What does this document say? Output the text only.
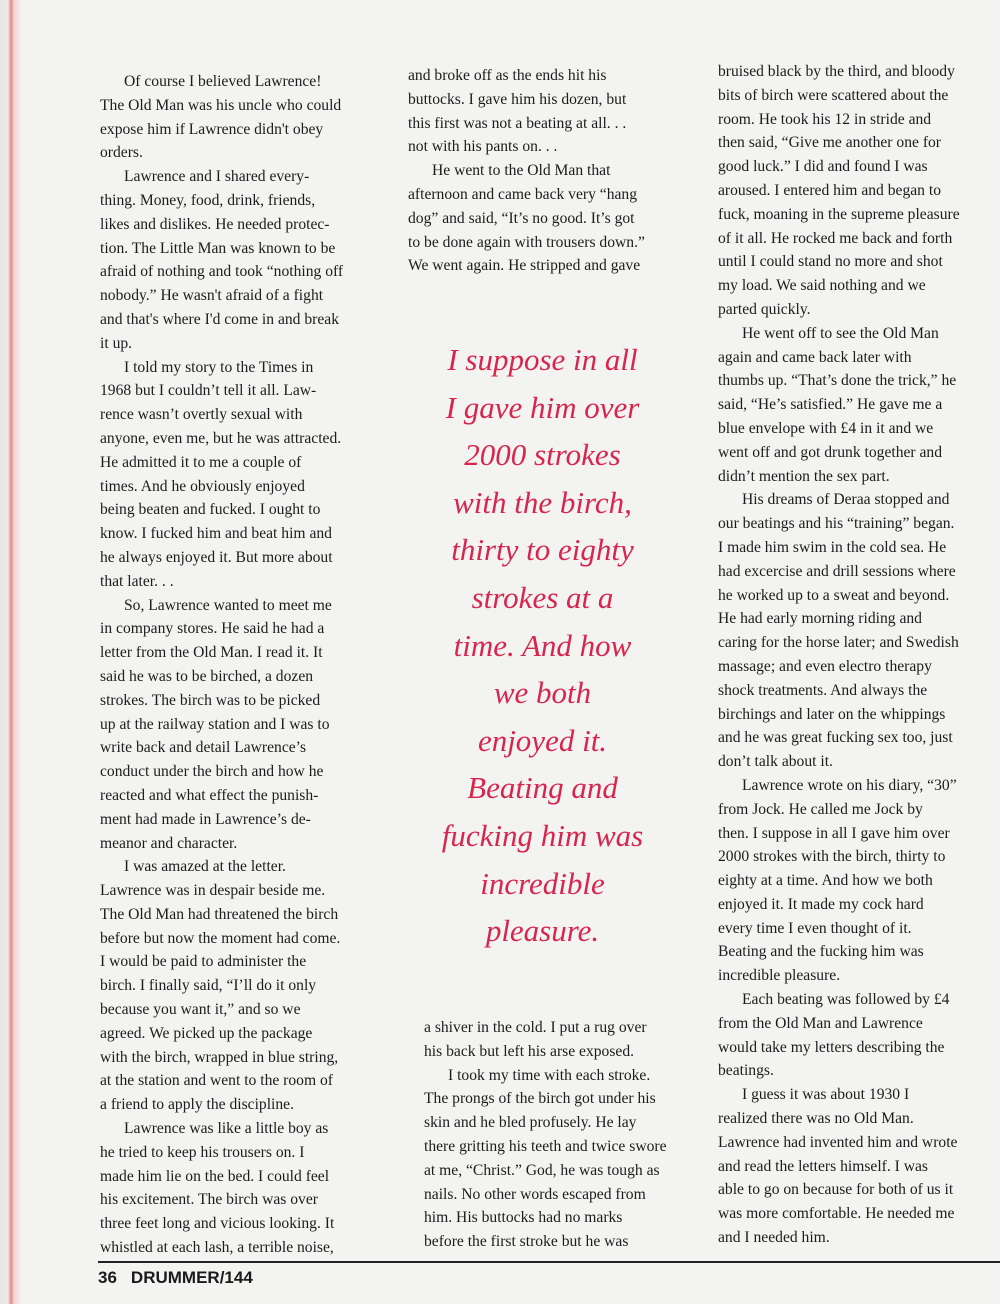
Of course I believed Lawrence!
The Old Man was his uncle who could
expose him if Lawrence didn't obey
orders.
Lawrence and I shared every-
thing. Money, food, drink, friends,
likes and dislikes. He needed protec-
tion. The Little Man was known to be
afraid of nothing and took “nothing off
nobody.” He wasn't afraid of a fight
and that's where I'd come in and break
it up.
I told my story to the Times in
1968 but I couldn’t tell it all. Law-
rence wasn’t overtly sexual with
anyone, even me, but he was attracted.
He admitted it to me a couple of
times. And he obviously enjoyed
being beaten and fucked. I ought to
know. I fucked him and beat him and
he always enjoyed it. But more about
that later. . .
So, Lawrence wanted to meet me
in company stores. He said he had a
letter from the Old Man. I read it. It
said he was to be birched, a dozen
strokes. The birch was to be picked
up at the railway station and I was to
write back and detail Lawrence’s
conduct under the birch and how he
reacted and what effect the punish-
ment had made in Lawrence’s de-
meanor and character.
I was amazed at the letter.
Lawrence was in despair beside me.
The Old Man had threatened the birch
before but now the moment had come.
I would be paid to administer the
birch. I finally said, “I’ll do it only
because you want it,” and so we
agreed. We picked up the package
with the birch, wrapped in blue string,
at the station and went to the room of
a friend to apply the discipline.
Lawrence was like a little boy as
he tried to keep his trousers on. I
made him lie on the bed. I could feel
his excitement. The birch was over
three feet long and vicious looking. It
whistled at each lash, a terrible noise,
and broke off as the ends hit his
buttocks. I gave him his dozen, but
this first was not a beating at all. . .
not with his pants on. . .
He went to the Old Man that
afternoon and came back very “hang
dog” and said, “It’s no good. It’s got
to be done again with trousers down.”
We went again. He stripped and gave
I suppose in all
I gave him over
2000 strokes
with the birch,
thirty to eighty
strokes at a
time. And how
we both
enjoyed it.
Beating and
fucking him was
incredible
pleasure.
a shiver in the cold. I put a rug over
his back but left his arse exposed.
I took my time with each stroke.
The prongs of the birch got under his
skin and he bled profusely. He lay
there gritting his teeth and twice swore
at me, “Christ.” God, he was tough as
nails. No other words escaped from
him. His buttocks had no marks
before the first stroke but he was
bruised black by the third, and bloody
bits of birch were scattered about the
room. He took his 12 in stride and
then said, “Give me another one for
good luck.” I did and found I was
aroused. I entered him and began to
fuck, moaning in the supreme pleasure
of it all. He rocked me back and forth
until I could stand no more and shot
my load. We said nothing and we
parted quickly.
He went off to see the Old Man
again and came back later with
thumbs up. “That’s done the trick,” he
said, “He’s satisfied.” He gave me a
blue envelope with £4 in it and we
went off and got drunk together and
didn’t mention the sex part.
His dreams of Deraa stopped and
our beatings and his “training” began.
I made him swim in the cold sea. He
had excercise and drill sessions where
he worked up to a sweat and beyond.
He had early morning riding and
caring for the horse later; and Swedish
massage; and even electro therapy
shock treatments. And always the
birchings and later on the whippings
and he was great fucking sex too, just
don’t talk about it.
Lawrence wrote on his diary, “30”
from Jock. He called me Jock by
then. I suppose in all I gave him over
2000 strokes with the birch, thirty to
eighty at a time. And how we both
enjoyed it. It made my cock hard
every time I even thought of it.
Beating and the fucking him was
incredible pleasure.
Each beating was followed by £4
from the Old Man and Lawrence
would take my letters describing the
beatings.
I guess it was about 1930 I
realized there was no Old Man.
Lawrence had invented him and wrote
and read the letters himself. I was
able to go on because for both of us it
was more comfortable. He needed me
and I needed him.
36 DRUMMER/144
